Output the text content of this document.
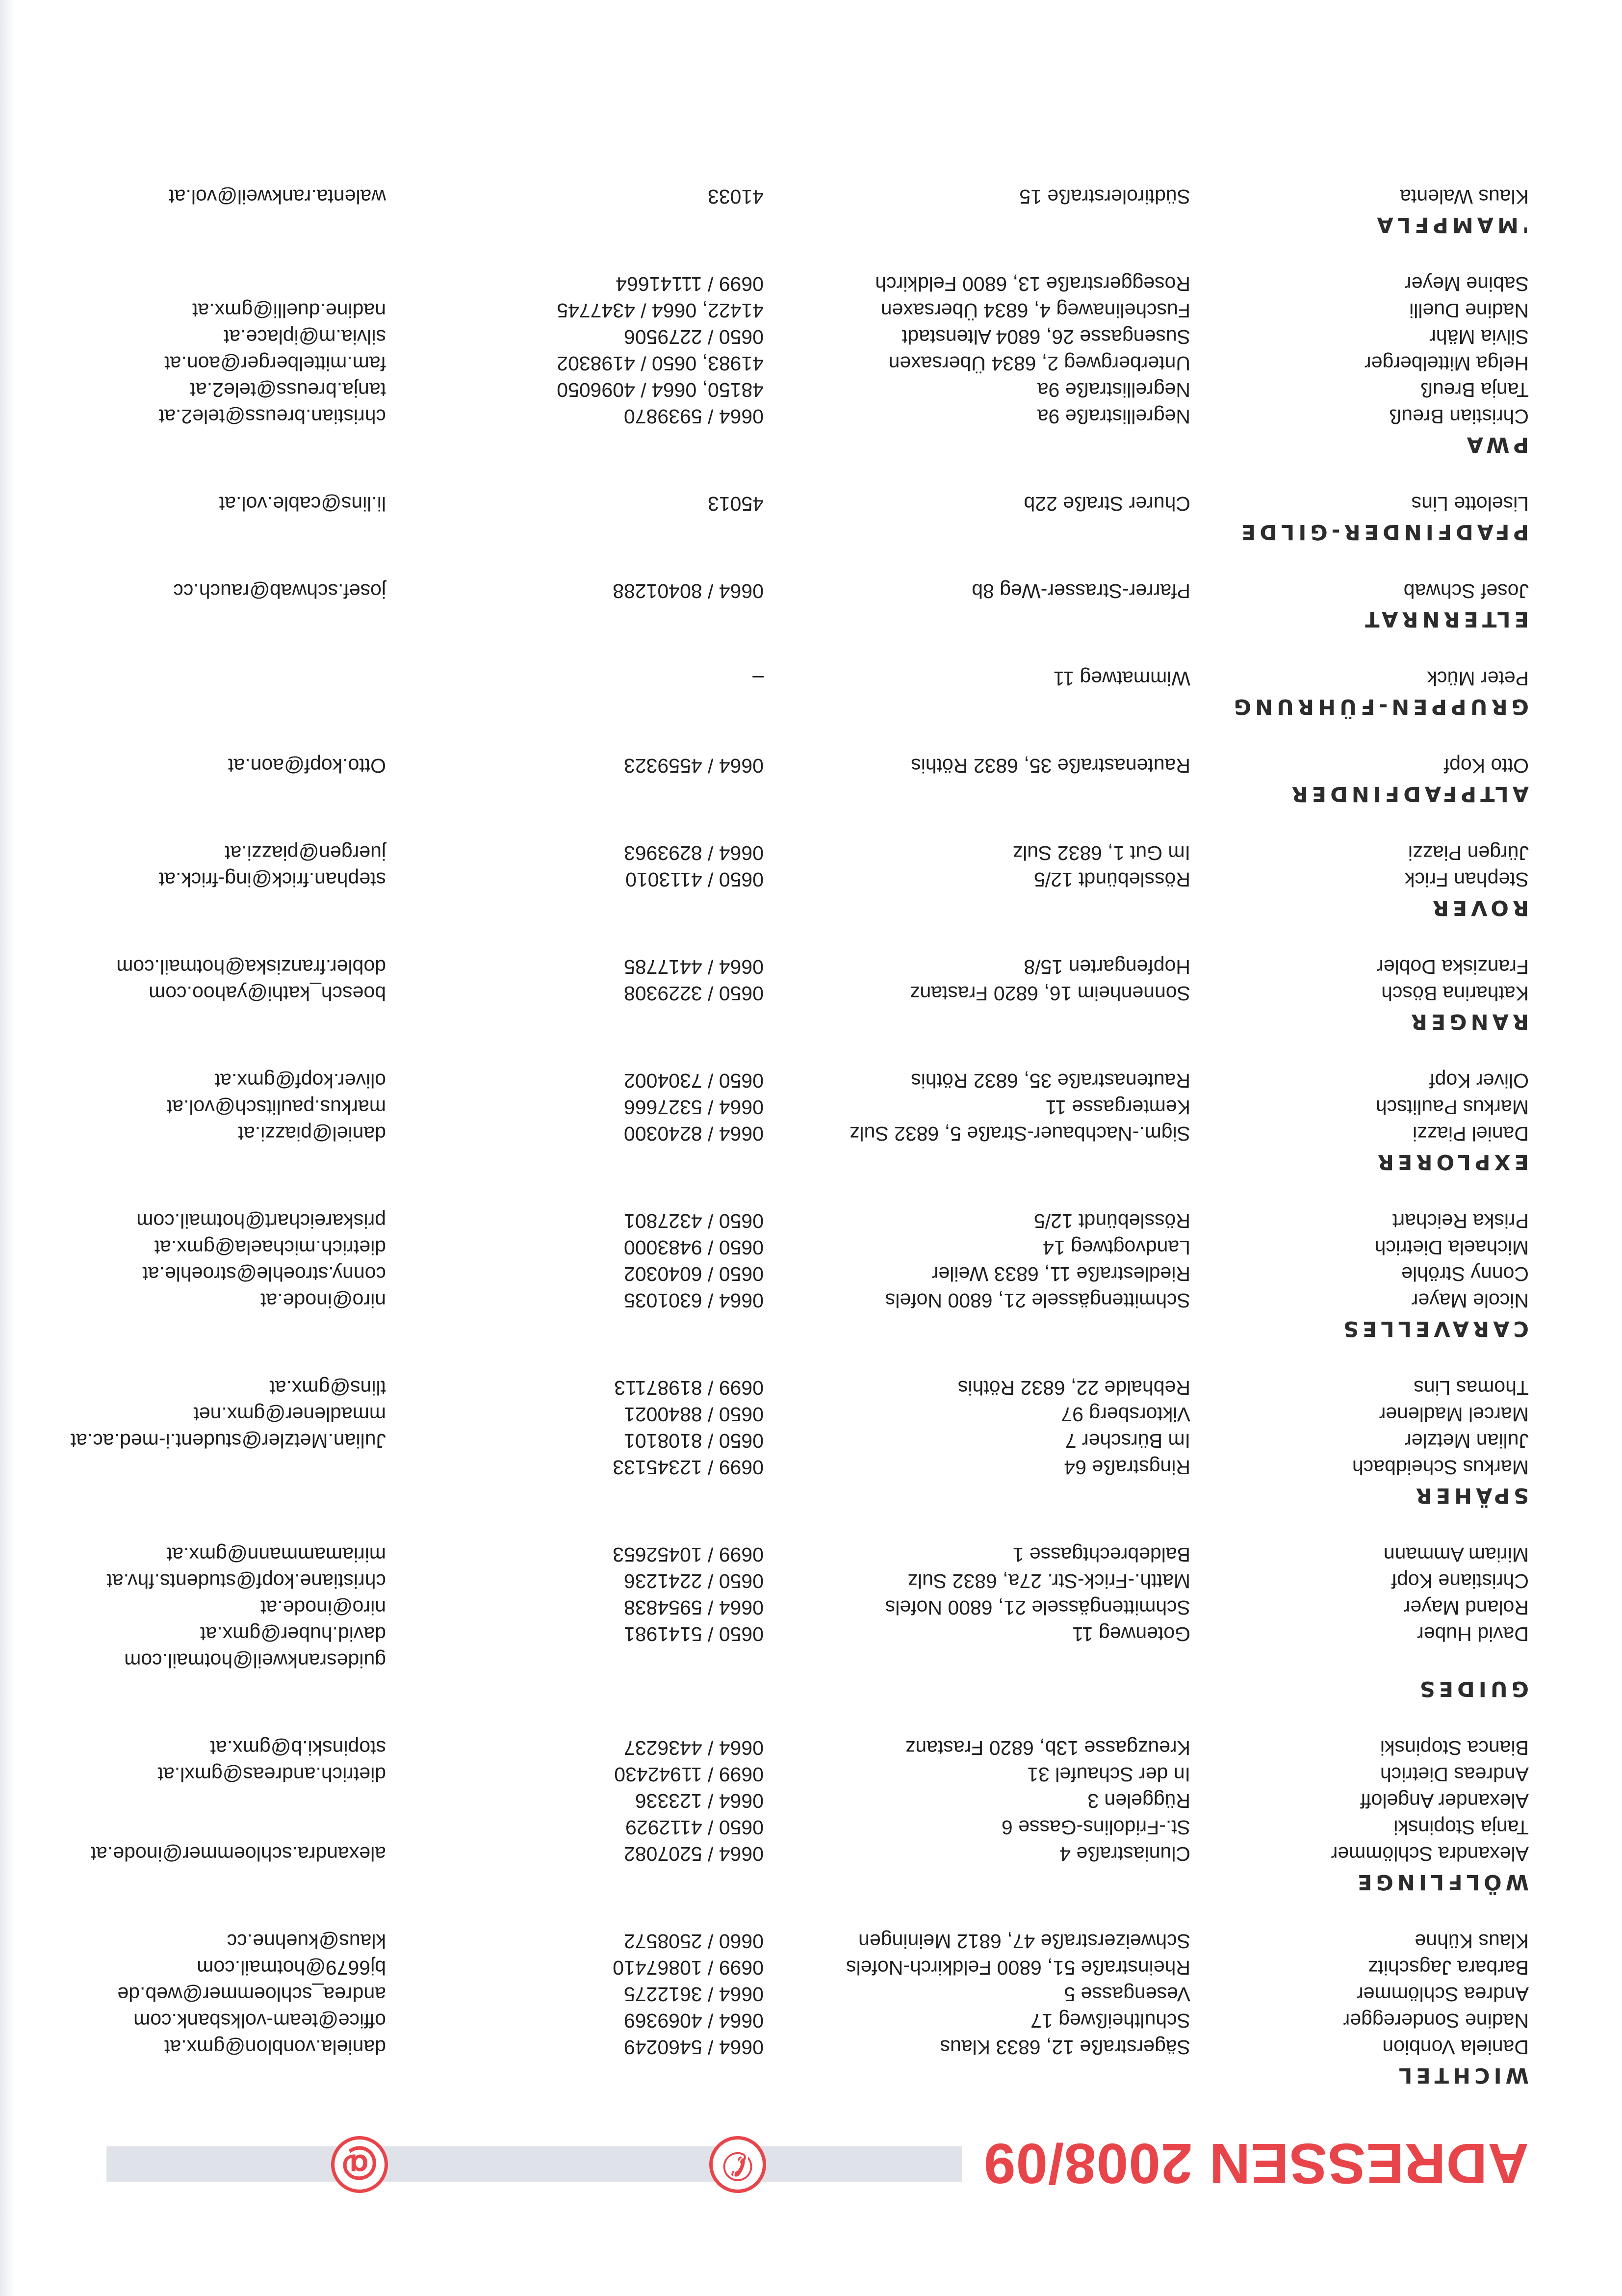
ADRESSEN 2008/09
✆
@
WICHTEL
Daniela Vonbion
Sägerstraße 12, 6833 Klaus
0664 / 5460249
daniela.vonblon@gmx.at
Nadine Sonderegger
Schultheißweg 17
0664 / 4069369
office@team-volksbank.com
Andrea Schlömmer
Vesengasse 5
0664 / 3612275
andrea_schloemmer@web.de
Barbara Jagschitz
Rheinstraße 51, 6800 Feldkirch-Nofels
0699 / 10867410
bj6679@hotmail.com
Klaus Kühne
Schweizerstraße 47, 6812 Meiningen
0660 / 2508572
klaus@kuehne.cc
WÖLFLINGE
Alexandra Schlömmer
Cluniastraße 4
0664 / 5207082
alexandra.schloemmer@inode.at
Tanja Stopinski
St.-Fridolins-Gasse 6
0650 / 4112929
Alexander Angeloff
Rüggelen 3
0664 / 123336
Andreas Dietrich
In der Schaufel 31
0699 / 11942430
dietrich.andreas@gmxl.at
Bianca Stopinski
Kreuzgasse 13b, 6820 Frastanz
0664 / 4436237
stopinski.b@gmx.at
GUIDES
guidesrankweil@hotmail.com
David Huber
Gotenweg 11
0650 / 5141981
david.huber@gmx.at
Roland Mayer
Schmittengässele 21, 6800 Nofels
0664 / 5954838
niro@inode.at
Christiane Kopf
Matth.-Frick-Str. 27a, 6832 Sulz
0650 / 2241236
christiane.kopf@students.fhv.at
Miriam Ammann
Baldebrechtgasse 1
0699 / 10452653
miriamammann@gmx.at
SPÄHER
Markus Scheidbach
Ringstraße 64
0699 / 12345133
Julian Metzler
Im Bürscher 7
0650 / 8108101
Julian.Metzler@student.i-med.ac.at
Marcel Madlener
Viktorsberg 97
0650 / 8840021
mmadlener@gmx.net
Thomas Lins
Rebhalde 22, 6832 Röthis
0699 / 81987113
tlins@gmx.at
CARAVELLES
Nicole Mayer
Schmittengässele 21, 6800 Nofels
0664 / 6301035
niro@inode.at
Conny Ströhle
Riedlestraße 11, 6833 Weiler
0650 / 6040302
conny.stroehle@stroehle.at
Michaela Dietrich
Landvogtweg 14
0650 / 9483000
dietrich.michaela@gmx.at
Priska Reichart
Rösslebündt 12/5
0650 / 4327801
priskareichart@hotmail.com
EXPLORER
Daniel Piazzi
Sigm.-Nachbauer-Straße 5, 6832 Sulz
0664 / 8240300
daniel@piazzi.at
Markus Paulitsch
Kemtergasse 11
0664 / 5327666
markus.paulitsch@vol.at
Oliver Kopf
Rautenastraße 35, 6832 Röthis
0650 / 7304002
oliver.kopf@gmx.at
RANGER
Katharina Bösch
Sonnenheim 16, 6820 Frastanz
0650 / 3229308
boesch_kathi@yahoo.com
Franziska Dobler
Hopfengarten 15/8
0664 / 4417785
dobler.franziska@hotmail.com
ROVER
Stephan Frick
Rösslebündt 12/5
0650 / 4113010
stephan.frick@ing-frick.at
Jürgen Piazzi
Im Gut 1, 6832 Sulz
0664 / 8293963
juergen@piazzi.at
ALTPFADFINDER
Otto Kopf
Rautenastraße 35, 6832 Röthis
0664 / 4559323
Otto.kopf@aon.at
GRUPPEN-FÜHRUNG
Peter Mück
Wimmatweg 11
–
ELTERNRAT
Josef Schwab
Pfarrer-Strasser-Weg 8b
0664 / 80401288
josef.schwab@rauch.cc
PFADFINDER-GILDE
Liselotte Lins
Churer Straße 22b
45013
li.lins@cable.vol.at
PWA
Christian Breuß
Negrellistraße 9a
0664 / 5939870
christian.breuss@tele2.at
Tanja Breuß
Negrellistraße 9a
48150, 0664 / 4096050
tanja.breuss@tele2.at
Helga Mittelberger
Unterbergweg 2, 6834 Übersaxen
41983, 0650 / 4198302
fam.mittelberger@aon.at
Silvia Mähr
Susengasse 26, 6804 Altenstadt
0650 / 2279506
silvia.m@iplace.at
Nadine Duelli
Fuschelinaweg 4, 6834 Übersaxen
41422, 0664 / 4347745
nadine.duelli@gmx.at
Sabine Meyer
Roseggerstraße 13, 6800 Feldkirch
0699 / 11141664
'MAMPFLA
Klaus Walenta
Südtirolerstraße 15
41033
walenta.rankweil@vol.at
